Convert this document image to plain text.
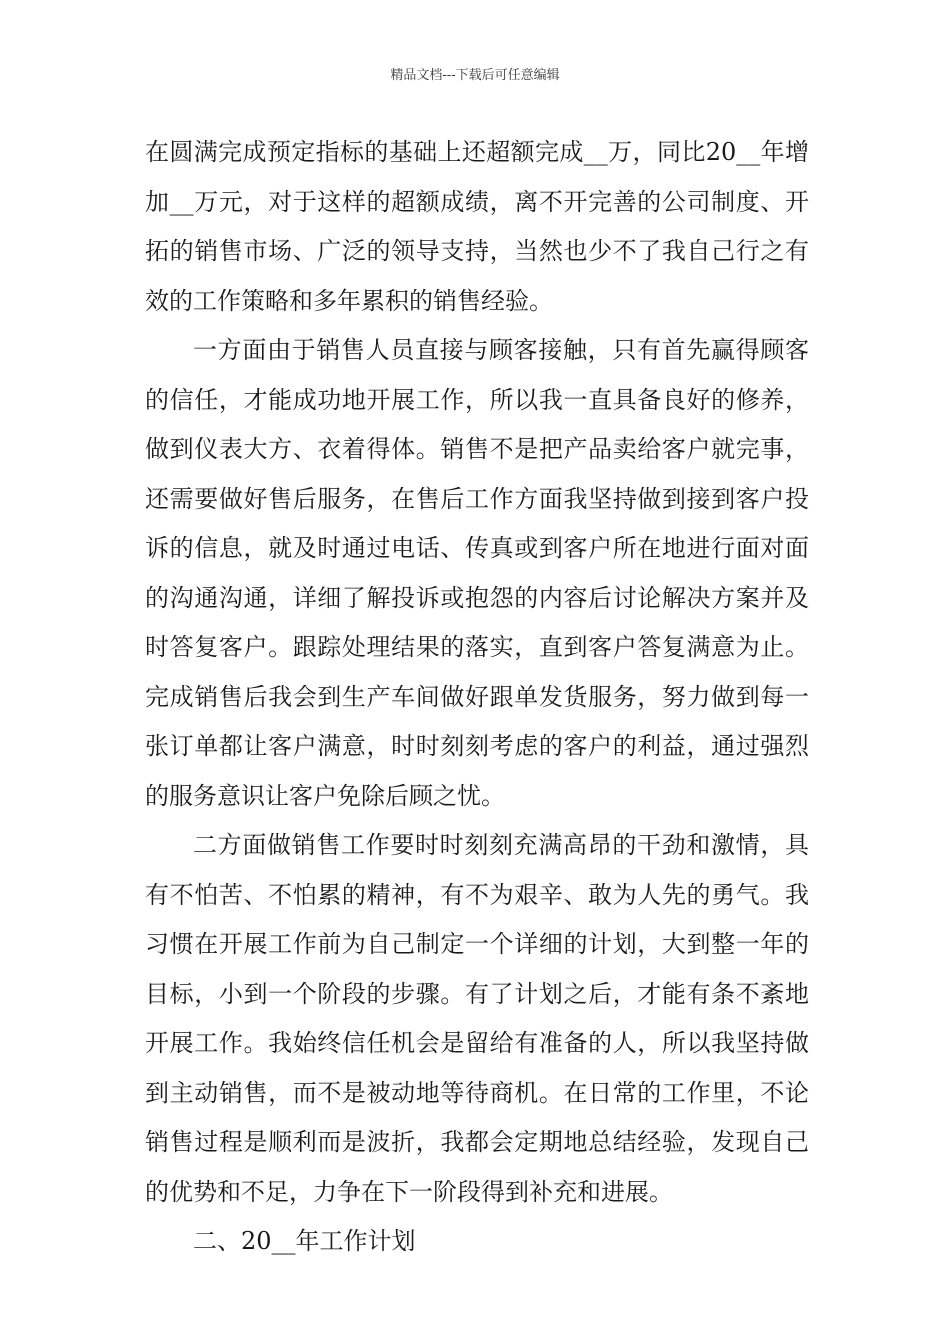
精品文档---下载后可任意编辑

在圆满完成预定指标的基础上还超额完成__万，同比20__年增加__万元，对于这样的超额成绩，离不开完善的公司制度、开拓的销售市场、广泛的领导支持，当然也少不了我自己行之有效的工作策略和多年累积的销售经验。

一方面由于销售人员直接与顾客接触，只有首先赢得顾客的信任，才能成功地开展工作，所以我一直具备良好的修养，做到仪表大方、衣着得体。销售不是把产品卖给客户就完事，还需要做好售后服务，在售后工作方面我坚持做到接到客户投诉的信息，就及时通过电话、传真或到客户所在地进行面对面的沟通沟通，详细了解投诉或抱怨的内容后讨论解决方案并及时答复客户。跟踪处理结果的落实，直到客户答复满意为止。完成销售后我会到生产车间做好跟单发货服务，努力做到每一张订单都让客户满意，时时刻刻考虑的客户的利益，通过强烈的服务意识让客户免除后顾之忧。

二方面做销售工作要时时刻刻充满高昂的干劲和激情，具有不怕苦、不怕累的精神，有不为艰辛、敢为人先的勇气。我习惯在开展工作前为自己制定一个详细的计划，大到整一年的目标，小到一个阶段的步骤。有了计划之后，才能有条不紊地开展工作。我始终信任机会是留给有准备的人，所以我坚持做到主动销售，而不是被动地等待商机。在日常的工作里，不论销售过程是顺利而是波折，我都会定期地总结经验，发现自己的优势和不足，力争在下一阶段得到补充和进展。

二、20__年工作计划
